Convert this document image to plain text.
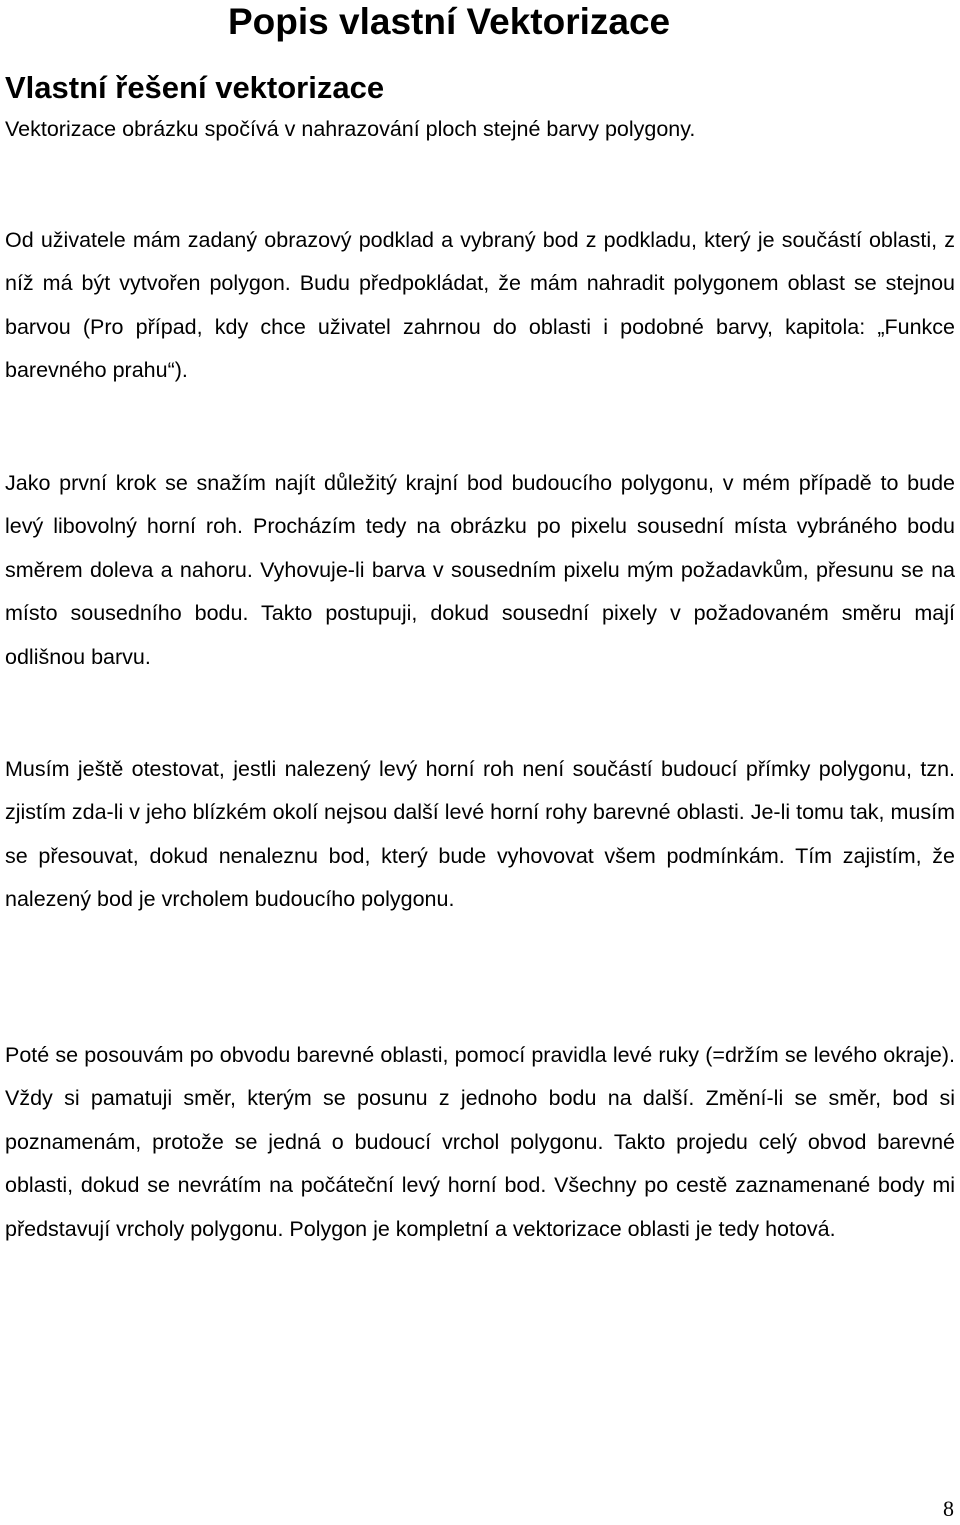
Popis vlastní Vektorizace
Vlastní řešení vektorizace

Vektorizace obrázku spočívá v nahrazování ploch stejné barvy polygony.

Od uživatele mám zadaný obrazový podklad a vybraný bod z podkladu, který je součástí oblasti, z níž má být vytvořen polygon. Budu předpokládat, že mám nahradit polygonem oblast se stejnou barvou (Pro případ, kdy chce uživatel zahrnou do oblasti i podobné barvy, kapitola: „Funkce barevného prahu“).

Jako první krok se snažím najít důležitý krajní bod budoucího polygonu, v mém případě to bude levý libovolný horní roh. Procházím tedy na obrázku po pixelu sousední místa vybráného bodu směrem doleva a nahoru. Vyhovuje-li barva v sousedním pixelu mým požadavkům, přesunu se na místo sousedního bodu. Takto postupuji, dokud sousední pixely v požadovaném směru mají odlišnou barvu.

Musím ještě otestovat, jestli nalezený levý horní roh není součástí budoucí přímky polygonu, tzn. zjistím zda-li v jeho blízkém okolí nejsou další levé horní rohy barevné oblasti. Je-li tomu tak, musím se přesouvat, dokud nenaleznu bod, který bude vyhovovat všem podmínkám. Tím zajistím, že nalezený bod je vrcholem budoucího polygonu.

Poté se posouvám po obvodu barevné oblasti, pomocí pravidla levé ruky (=držím se levého okraje). Vždy si pamatuji směr, kterým se posunu z jednoho bodu na další. Změní-li se směr, bod si poznamenám, protože se jedná o budoucí vrchol polygonu. Takto projedu celý obvod barevné oblasti, dokud se nevrátím na počáteční levý horní bod. Všechny po cestě zaznamenané body mi představují vrcholy polygonu. Polygon je kompletní a vektorizace oblasti je tedy hotová.

8
